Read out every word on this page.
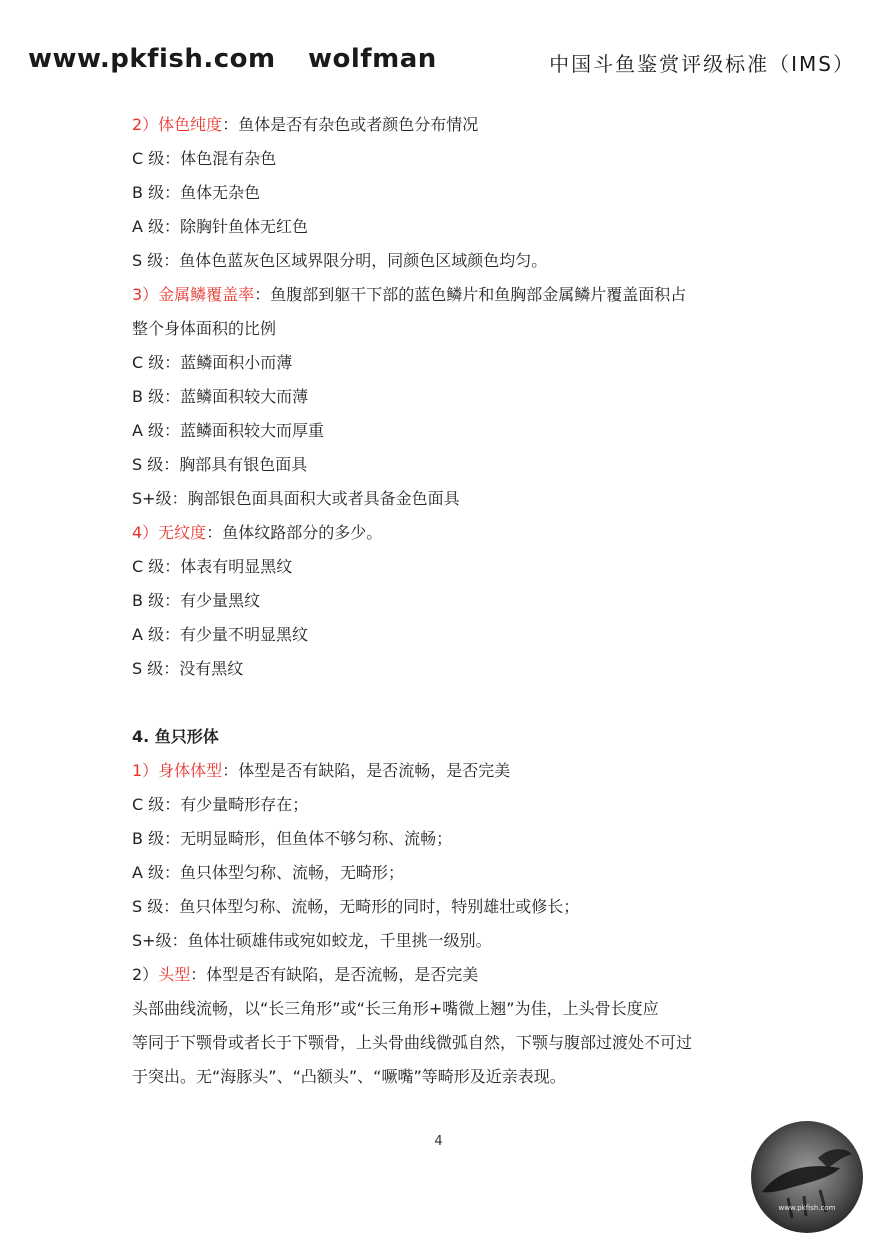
www.pkfish.com wolfman	中国斗鱼鉴赏评级标准（IMS）
2）体色纯度：鱼体是否有杂色或者颜色分布情况
C 级：体色混有杂色
B 级：鱼体无杂色
A 级：除胸针鱼体无红色
S 级：鱼体色蓝灰色区域界限分明，同颜色区域颜色均匀。
3）金属鳞覆盖率：鱼腹部到躯干下部的蓝色鳞片和鱼胸部金属鳞片覆盖面积占
整个身体面积的比例
C 级：蓝鳞面积小而薄
B 级：蓝鳞面积较大而薄
A 级：蓝鳞面积较大而厚重
S 级：胸部具有银色面具
S+级：胸部银色面具面积大或者具备金色面具
4）无纹度：鱼体纹路部分的多少。
C 级：体表有明显黑纹
B 级：有少量黑纹
A 级：有少量不明显黑纹
S 级：没有黑纹
4. 鱼只形体
1）身体体型：体型是否有缺陷，是否流畅，是否完美
C 级：有少量畸形存在；
B 级：无明显畸形，但鱼体不够匀称、流畅；
A 级：鱼只体型匀称、流畅，无畸形；
S 级：鱼只体型匀称、流畅，无畸形的同时，特别雄壮或修长；
S+级：鱼体壮硕雄伟或宛如蛟龙，千里挑一级别。
2）头型：体型是否有缺陷，是否流畅，是否完美
头部曲线流畅，以“长三角形”或“长三角形+嘴微上翘”为佳，上头骨长度应
等同于下颚骨或者长于下颚骨，上头骨曲线微弧自然，下颚与腹部过渡处不可过
于突出。无“海豚头”、“凸额头”、“噘嘴”等畸形及近亲表现。
4
www.pkfish.com
